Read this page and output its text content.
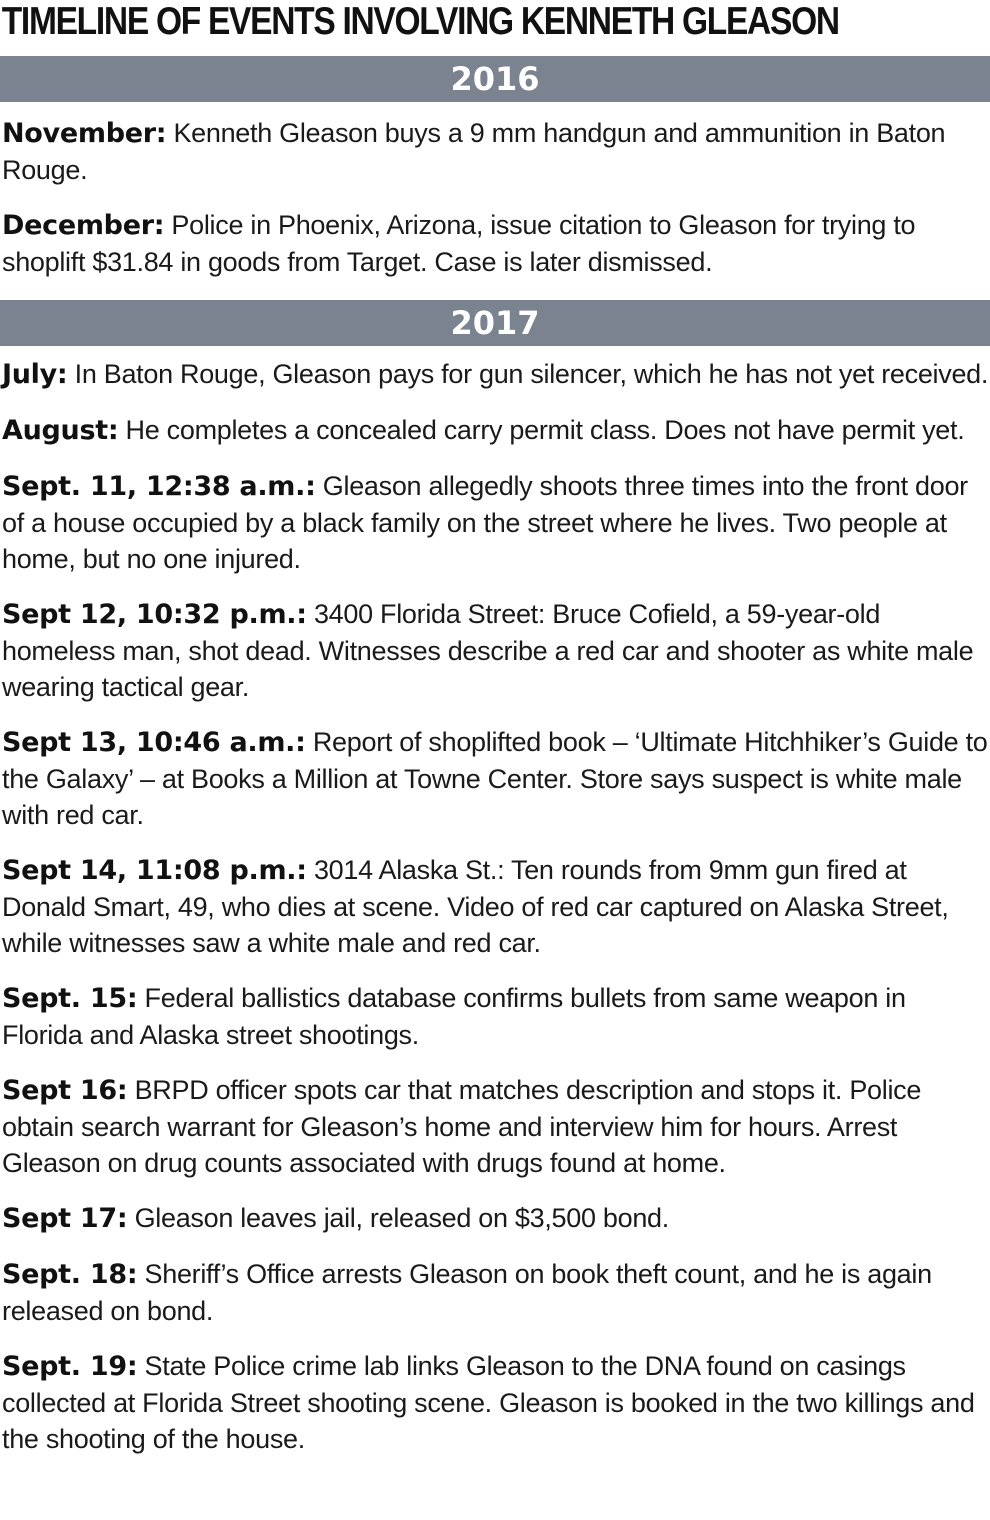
TIMELINE OF EVENTS INVOLVING KENNETH GLEASON
2016

November: Kenneth Gleason buys a 9 mm handgun and ammunition in Baton Rouge.

December: Police in Phoenix, Arizona, issue citation to Gleason for trying to shoplift $31.84 in goods from Target. Case is later dismissed.

2017

July: In Baton Rouge, Gleason pays for gun silencer, which he has not yet received.

August: He completes a concealed carry permit class. Does not have permit yet.

Sept. 11, 12:38 a.m.: Gleason allegedly shoots three times into the front door of a house occupied by a black family on the street where he lives. Two people at home, but no one injured.

Sept 12, 10:32 p.m.: 3400 Florida Street: Bruce Cofield, a 59-year-old homeless man, shot dead. Witnesses describe a red car and shooter as white male wearing tactical gear.

Sept 13, 10:46 a.m.: Report of shoplifted book – ‘Ultimate Hitchhiker’s Guide to the Galaxy’ – at Books a Million at Towne Center. Store says suspect is white male with red car.

Sept 14, 11:08 p.m.: 3014 Alaska St.: Ten rounds from 9mm gun fired at Donald Smart, 49, who dies at scene. Video of red car captured on Alaska Street, while witnesses saw a white male and red car.

Sept. 15: Federal ballistics database confirms bullets from same weapon in Florida and Alaska street shootings.

Sept 16: BRPD officer spots car that matches description and stops it. Police obtain search warrant for Gleason’s home and interview him for hours. Arrest Gleason on drug counts associated with drugs found at home.

Sept 17: Gleason leaves jail, released on $3,500 bond.

Sept. 18: Sheriff’s Office arrests Gleason on book theft count, and he is again released on bond.

Sept. 19: State Police crime lab links Gleason to the DNA found on casings collected at Florida Street shooting scene. Gleason is booked in the two killings and the shooting of the house.
